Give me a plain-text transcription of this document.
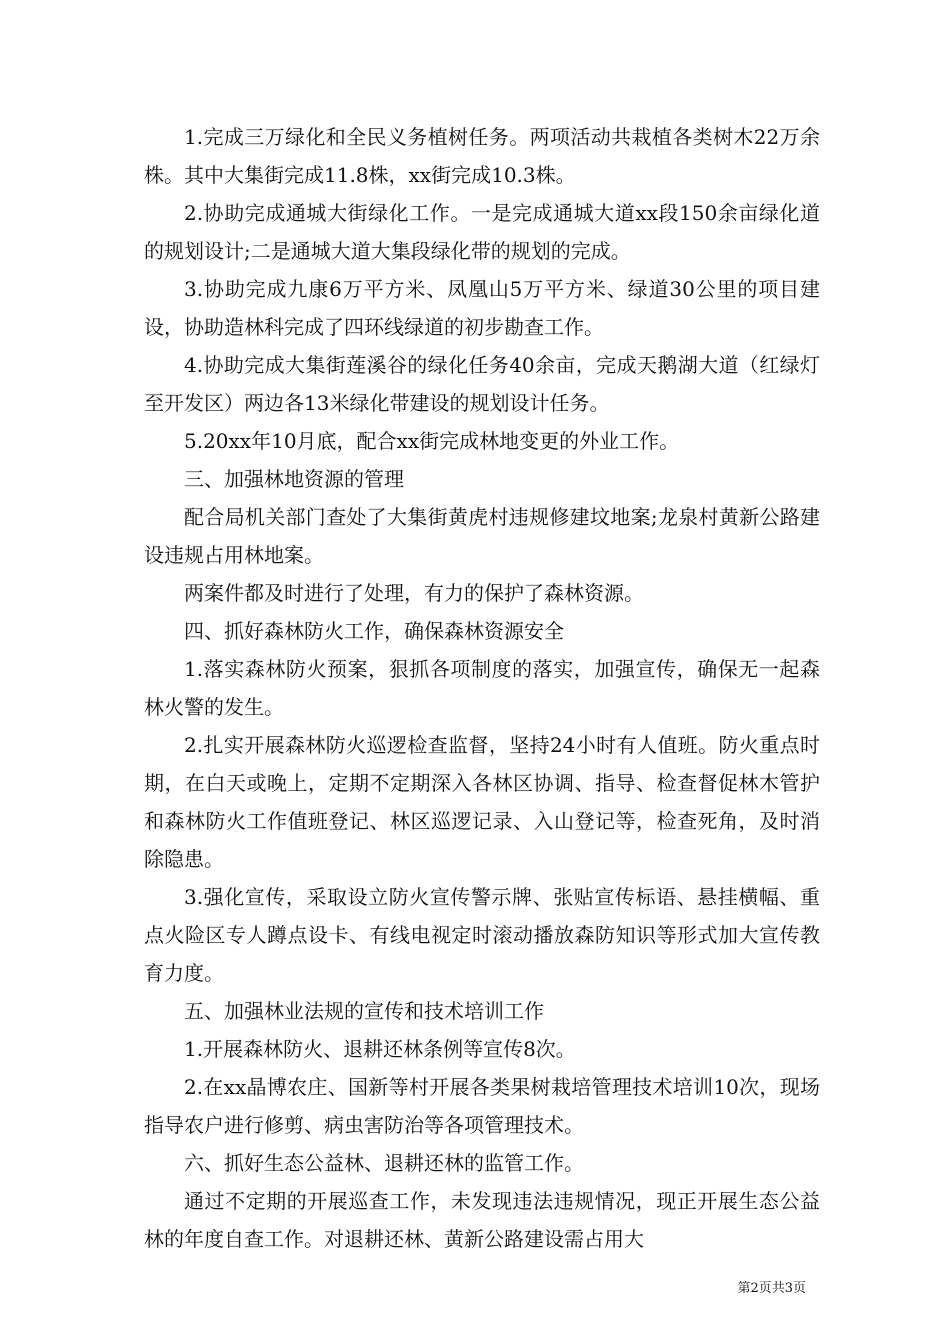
1.完成三万绿化和全民义务植树任务。两项活动共栽植各类树木22万余株。其中大集街完成11.8株，xx街完成10.3株。

2.协助完成通城大街绿化工作。一是完成通城大道xx段150余亩绿化道的规划设计;二是通城大道大集段绿化带的规划的完成。

3.协助完成九康6万平方米、凤凰山5万平方米、绿道30公里的项目建设，协助造林科完成了四环线绿道的初步勘查工作。

4.协助完成大集街莲溪谷的绿化任务40余亩，完成天鹅湖大道（红绿灯至开发区）两边各13米绿化带建设的规划设计任务。

5.20xx年10月底，配合xx街完成林地变更的外业工作。

三、加强林地资源的管理

配合局机关部门查处了大集街黄虎村违规修建坟地案;龙泉村黄新公路建设违规占用林地案。

两案件都及时进行了处理，有力的保护了森林资源。

四、抓好森林防火工作，确保森林资源安全

1.落实森林防火预案，狠抓各项制度的落实，加强宣传，确保无一起森林火警的发生。

2.扎实开展森林防火巡逻检查监督，坚持24小时有人值班。防火重点时期，在白天或晚上，定期不定期深入各林区协调、指导、检查督促林木管护和森林防火工作值班登记、林区巡逻记录、入山登记等，检查死角，及时消除隐患。

3.强化宣传，采取设立防火宣传警示牌、张贴宣传标语、悬挂横幅、重点火险区专人蹲点设卡、有线电视定时滚动播放森防知识等形式加大宣传教育力度。

五、加强林业法规的宣传和技术培训工作

1.开展森林防火、退耕还林条例等宣传8次。

2.在xx晶博农庄、国新等村开展各类果树栽培管理技术培训10次，现场指导农户进行修剪、病虫害防治等各项管理技术。

六、抓好生态公益林、退耕还林的监管工作。

通过不定期的开展巡查工作，未发现违法违规情况，现正开展生态公益林的年度自查工作。对退耕还林、黄新公路建设需占用大

第2页共3页
